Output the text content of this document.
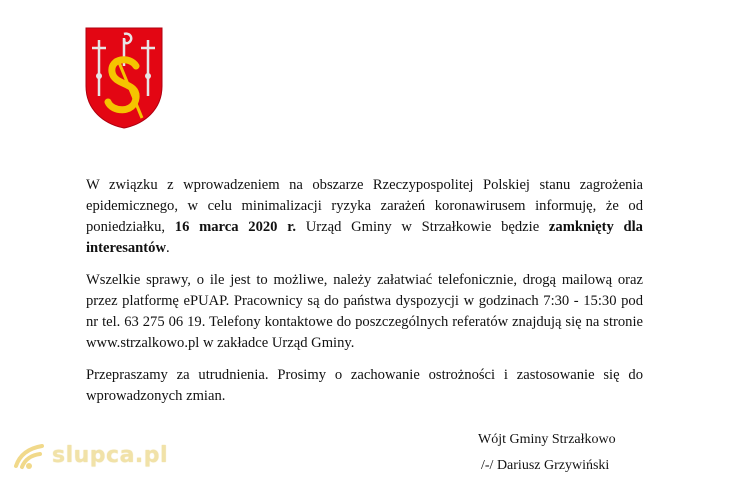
W związku z wprowadzeniem na obszarze Rzeczypospolitej Polskiej stanu zagrożenia epidemicznego, w celu minimalizacji ryzyka zarażeń koronawirusem informuję, że od poniedziałku, 16 marca 2020 r. Urząd Gminy w Strzałkowie będzie zamknięty dla interesantów.

Wszelkie sprawy, o ile jest to możliwe, należy załatwiać telefonicznie, drogą mailową oraz przez platformę ePUAP. Pracownicy są do państwa dyspozycji w godzinach 7:30 - 15:30 pod nr tel. 63 275 06 19. Telefony kontaktowe do poszczególnych referatów znajdują się na stronie www.strzalkowo.pl w zakładce Urząd Gminy.

Przepraszamy za utrudnienia. Prosimy o zachowanie ostrożności i zastosowanie się do wprowadzonych zmian.

Wójt Gminy Strzałkowo
/-/ Dariusz Grzywiński
slupca.pl
